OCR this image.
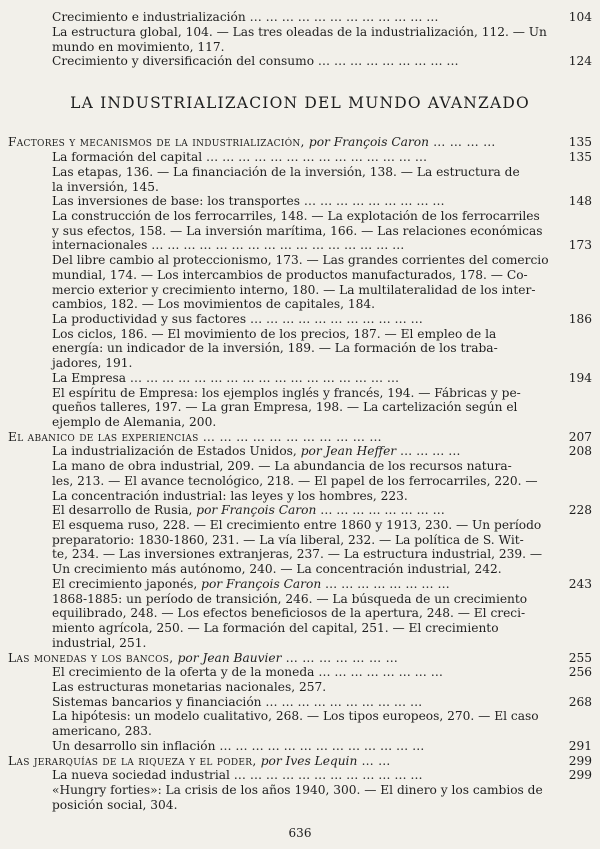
Crecimiento e industrialización … … … … … … … … … … … …	104
La estructura global, 104. — Las tres oleadas de la industrialización, 112. — Un
mundo en movimiento, 117.
Crecimiento y diversificación del consumo … … … … … … … … …	124
LA INDUSTRIALIZACION DEL MUNDO AVANZADO
Factores y mecanismos de la industrialización, por François Caron … … … …	135
La formación del capital … … … … … … … … … … … … … …	135
Las etapas, 136. — La financiación de la inversión, 138. — La estructura de
la inversión, 145.
Las inversiones de base: los transportes … … … … … … … … …	148
La construcción de los ferrocarriles, 148. — La explotación de los ferrocarriles
y sus efectos, 158. — La inversión marítima, 166. — Las relaciones económicas
internacionales … … … … … … … … … … … … … … … …	173
Del libre cambio al proteccionismo, 173. — Las grandes corrientes del comercio
mundial, 174. — Los intercambios de productos manufacturados, 178. — Co-
mercio exterior y crecimiento interno, 180. — La multilateralidad de los inter-
cambios, 182. — Los movimientos de capitales, 184.
La productividad y sus factores … … … … … … … … … … …	186
Los ciclos, 186. — El movimiento de los precios, 187. — El empleo de la
energía: un indicador de la inversión, 189. — La formación de los traba-
jadores, 191.
La Empresa … … … … … … … … … … … … … … … … …	194
El espíritu de Empresa: los ejemplos inglés y francés, 194. — Fábricas y pe-
queños talleres, 197. — La gran Empresa, 198. — La cartelización según el
ejemplo de Alemania, 200.
El abanico de las experiencias … … … … … … … … … … …	207
La industrialización de Estados Unidos, por Jean Heffer … … … …	208
La mano de obra industrial, 209. — La abundancia de los recursos natura-
les, 213. — El avance tecnológico, 218. — El papel de los ferrocarriles, 220. —
La concentración industrial: las leyes y los hombres, 223.
El desarrollo de Rusia, por François Caron … … … … … … … …	228
El esquema ruso, 228. — El crecimiento entre 1860 y 1913, 230. — Un período
preparatorio: 1830-1860, 231. — La vía liberal, 232. — La política de S. Wit-
te, 234. — Las inversiones extranjeras, 237. — La estructura industrial, 239. —
Un crecimiento más autónomo, 240. — La concentración industrial, 242.
El crecimiento japonés, por François Caron … … … … … … … …	243
1868-1885: un período de transición, 246. — La búsqueda de un crecimiento
equilibrado, 248. — Los efectos beneficiosos de la apertura, 248. — El creci-
miento agrícola, 250. — La formación del capital, 251. — El crecimiento
industrial, 251.
Las monedas y los bancos, por Jean Bauvier … … … … … … …	255
El crecimiento de la oferta y de la moneda … … … … … … … …	256
Las estructuras monetarias nacionales, 257.
Sistemas bancarios y financiación … … … … … … … … … …	268
La hipótesis: un modelo cualitativo, 268. — Los tipos europeos, 270. — El caso
americano, 283.
Un desarrollo sin inflación … … … … … … … … … … … … …	291
Las jerarquías de la riqueza y el poder, por Ives Lequin … …	299
La nueva sociedad industrial … … … … … … … … … … … …	299
«Hungry forties»: La crisis de los años 1940, 300. — El dinero y los cambios de
posición social, 304.
636
